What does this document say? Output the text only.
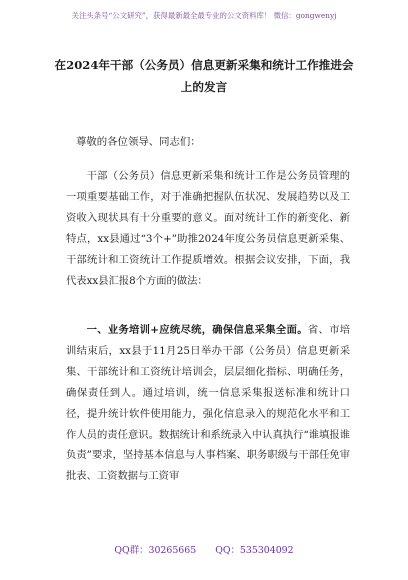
关注头条号“公文研究”，获得最新最全最专业的公文资料库！ 微信：gongwenyj
在2024年干部（公务员）信息更新采集和统计工作推进会上的发言

尊敬的各位领导、同志们：

干部（公务员）信息更新采集和统计工作是公务员管理的一项重要基础工作，对于准确把握队伍状况、发展趋势以及工资收入现状具有十分重要的意义。面对统计工作的新变化、新特点，xx县通过“3个+”助推2024年度公务员信息更新采集、干部统计和工资统计工作提质增效。根据会议安排，下面，我代表xx县汇报8个方面的做法：

一、业务培训+应统尽统，确保信息采集全面。省、市培训结束后，xx县于11月25日举办干部（公务员）信息更新采集、干部统计和工资统计培训会，层层细化指标、明确任务，确保责任到人。通过培训，统一信息采集报送标准和统计口径，提升统计软件使用能力，强化信息录入的规范化水平和工作人员的责任意识。数据统计和系统录入中认真执行“谁填报谁负责”要求，坚持基本信息与人事档案、职务职级与干部任免审批表、工资数据与工资审

QQ群：30265665 QQ：535304092
